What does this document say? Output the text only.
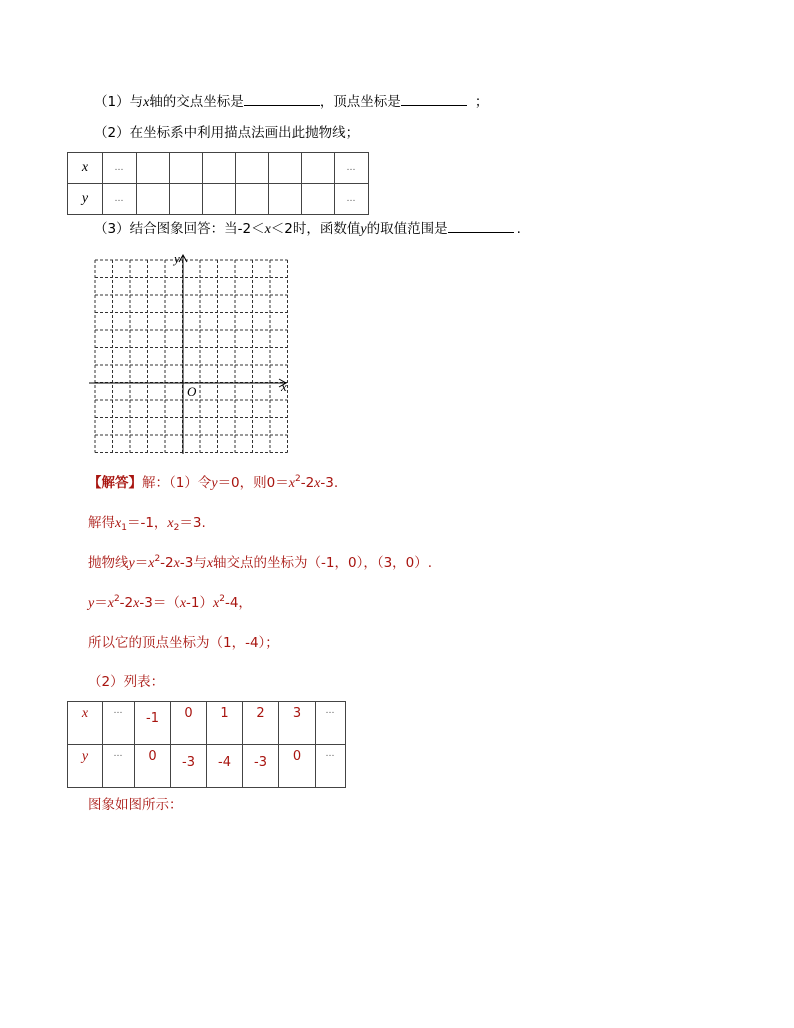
（1）与x轴的交点坐标是	，顶点坐标是	；
（2）在坐标系中利用描点法画出此抛物线；
x	…							…
y	…							…
（3）结合图象回答：当-2＜x＜2时，函数值y的取值范围是	.
y
x
O
【解答】解：（1）令y＝0，则$0=x^2-2x-3$.
解得$x_1=-1$，$x_2=3$.
抛物线$y=x^2-2x-3$与x轴交点的坐标为（-1，0），（3，0）.
$y=x^2-2x-3=(x-1)x^2-4$，
所以它的顶点坐标为（1，-4）；
（2）列表：
x	…	-1	0	1	2	3	…
y	…	0	-3	-4	-3	0	…
图象如图所示：
